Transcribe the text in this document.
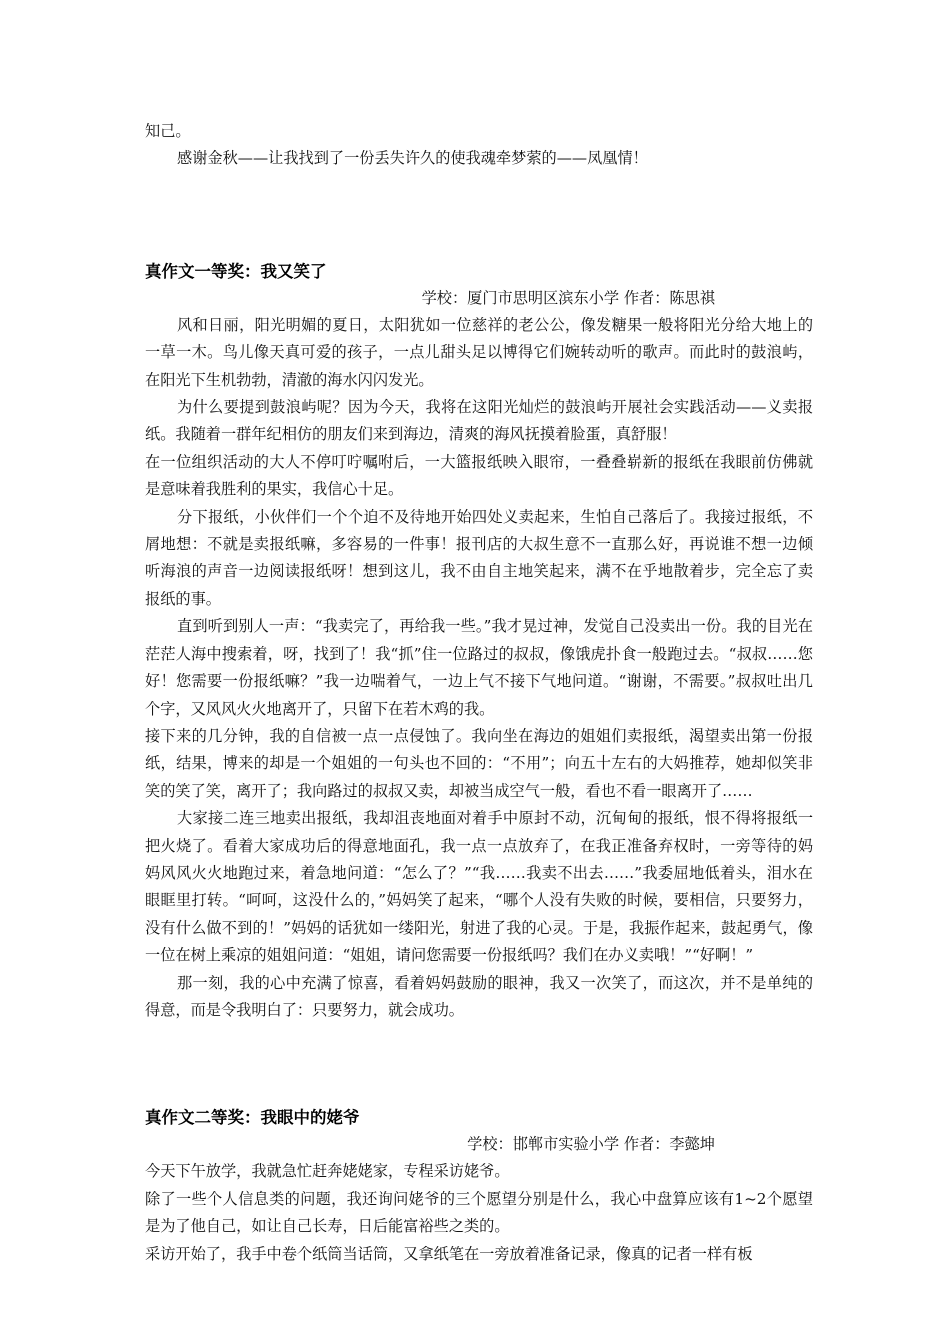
知己。

感谢金秋——让我找到了一份丢失许久的使我魂牵梦萦的——凤凰情！

真作文一等奖：我又笑了

学校：厦门市思明区滨东小学 作者：陈思祺

风和日丽，阳光明媚的夏日，太阳犹如一位慈祥的老公公，像发糖果一般将阳光分给大地上的一草一木。鸟儿像天真可爱的孩子，一点儿甜头足以博得它们婉转动听的歌声。而此时的鼓浪屿，在阳光下生机勃勃，清澈的海水闪闪发光。

为什么要提到鼓浪屿呢？因为今天，我将在这阳光灿烂的鼓浪屿开展社会实践活动——义卖报纸。我随着一群年纪相仿的朋友们来到海边，清爽的海风抚摸着脸蛋，真舒服！

在一位组织活动的大人不停叮咛嘱咐后，一大篮报纸映入眼帘，一叠叠崭新的报纸在我眼前仿佛就是意味着我胜利的果实，我信心十足。

分下报纸，小伙伴们一个个迫不及待地开始四处义卖起来，生怕自己落后了。我接过报纸，不屑地想：不就是卖报纸嘛，多容易的一件事！报刊店的大叔生意不一直那么好，再说谁不想一边倾听海浪的声音一边阅读报纸呀！想到这儿，我不由自主地笑起来，满不在乎地散着步，完全忘了卖报纸的事。

直到听到别人一声：“我卖完了，再给我一些。”我才晃过神，发觉自己没卖出一份。我的目光在茫茫人海中搜索着，呀，找到了！我“抓”住一位路过的叔叔，像饿虎扑食一般跑过去。“叔叔……您好！您需要一份报纸嘛？”我一边喘着气，一边上气不接下气地问道。“谢谢，不需要。”叔叔吐出几个字，又风风火火地离开了，只留下在若木鸡的我。

接下来的几分钟，我的自信被一点一点侵蚀了。我向坐在海边的姐姐们卖报纸，渴望卖出第一份报纸，结果，博来的却是一个姐姐的一句头也不回的：“不用”；向五十左右的大妈推荐，她却似笑非笑的笑了笑，离开了；我向路过的叔叔又卖，却被当成空气一般，看也不看一眼离开了……

大家接二连三地卖出报纸，我却沮丧地面对着手中原封不动，沉甸甸的报纸，恨不得将报纸一把火烧了。看着大家成功后的得意地面孔，我一点一点放弃了，在我正准备弃权时，一旁等待的妈妈风风火火地跑过来，着急地问道：“怎么了？”“我……我卖不出去……”我委屈地低着头，泪水在眼眶里打转。“呵呵，这没什么的，”妈妈笑了起来，“哪个人没有失败的时候，要相信，只要努力，没有什么做不到的！”妈妈的话犹如一缕阳光，射进了我的心灵。于是，我振作起来，鼓起勇气，像一位在树上乘凉的姐姐问道：“姐姐，请问您需要一份报纸吗？我们在办义卖哦！”“好啊！”

那一刻，我的心中充满了惊喜，看着妈妈鼓励的眼神，我又一次笑了，而这次，并不是单纯的得意，而是令我明白了：只要努力，就会成功。

真作文二等奖：我眼中的姥爷

学校：邯郸市实验小学 作者：李懿坤

今天下午放学，我就急忙赶奔姥姥家，专程采访姥爷。

除了一些个人信息类的问题，我还询问姥爷的三个愿望分别是什么，我心中盘算应该有1~2个愿望是为了他自己，如让自己长寿，日后能富裕些之类的。

采访开始了，我手中卷个纸筒当话筒，又拿纸笔在一旁放着准备记录，像真的记者一样有板
